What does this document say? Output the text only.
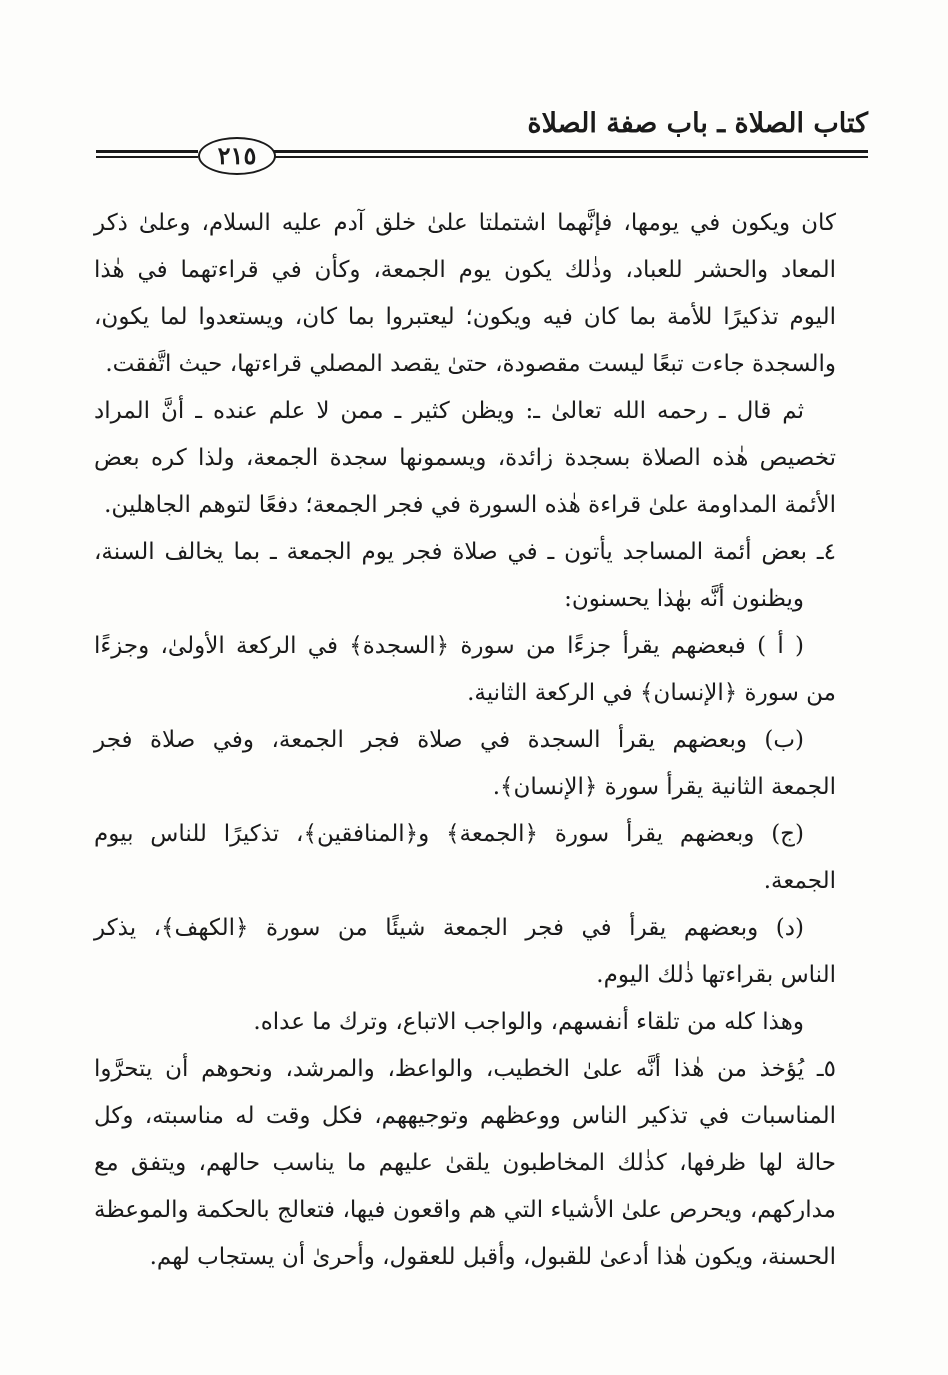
كتاب الصلاة ـ باب صفة الصلاة
٢١٥
كان ويكون في يومها، فإنَّهما اشتملتا علىٰ خلق آدم عليه السلام، وعلىٰ ذكر
المعاد والحشر للعباد، وذٰلك يكون يوم الجمعة، وكأن في قراءتهما في هٰذا
اليوم تذكيرًا للأمة بما كان فيه ويكون؛ ليعتبروا بما كان، ويستعدوا لما يكون،
والسجدة جاءت تبعًا ليست مقصودة، حتىٰ يقصد المصلي قراءتها، حيث اتَّفقت.
ثم قال ـ رحمه الله تعالىٰ ـ: ويظن كثير ـ ممن لا علم عنده ـ أنَّ المراد
تخصيص هٰذه الصلاة بسجدة زائدة، ويسمونها سجدة الجمعة، ولذا كره بعض
الأئمة المداومة علىٰ قراءة هٰذه السورة في فجر الجمعة؛ دفعًا لتوهم الجاهلين.
٤ـ بعض أئمة المساجد يأتون ـ في صلاة فجر يوم الجمعة ـ بما يخالف السنة،
ويظنون أنَّه بهٰذا يحسنون:
( أ ) فبعضهم يقرأ جزءًا من سورة ﴿السجدة﴾ في الركعة الأولىٰ، وجزءًا
من سورة ﴿الإنسان﴾ في الركعة الثانية.
(ب) وبعضهم يقرأ السجدة في صلاة فجر الجمعة، وفي صلاة فجر
الجمعة الثانية يقرأ سورة ﴿الإنسان﴾.
(ج) وبعضهم يقرأ سورة ﴿الجمعة﴾ و﴿المنافقين﴾، تذكيرًا للناس بيوم
الجمعة.
(د) وبعضهم يقرأ في فجر الجمعة شيئًا من سورة ﴿الكهف﴾، يذكر
الناس بقراءتها ذٰلك اليوم.
وهذا كله من تلقاء أنفسهم، والواجب الاتباع، وترك ما عداه.
٥ـ يُؤخذ من هٰذا أنَّه علىٰ الخطيب، والواعظ، والمرشد، ونحوهم أن يتحرَّوا
المناسبات في تذكير الناس ووعظهم وتوجيههم، فكل وقت له مناسبته، وكل
حالة لها ظرفها، كذٰلك المخاطبون يلقىٰ عليهم ما يناسب حالهم، ويتفق مع
مداركهم، ويحرص علىٰ الأشياء التي هم واقعون فيها، فتعالج بالحكمة والموعظة
الحسنة، ويكون هٰذا أدعىٰ للقبول، وأقبل للعقول، وأحرىٰ أن يستجاب لهم.
